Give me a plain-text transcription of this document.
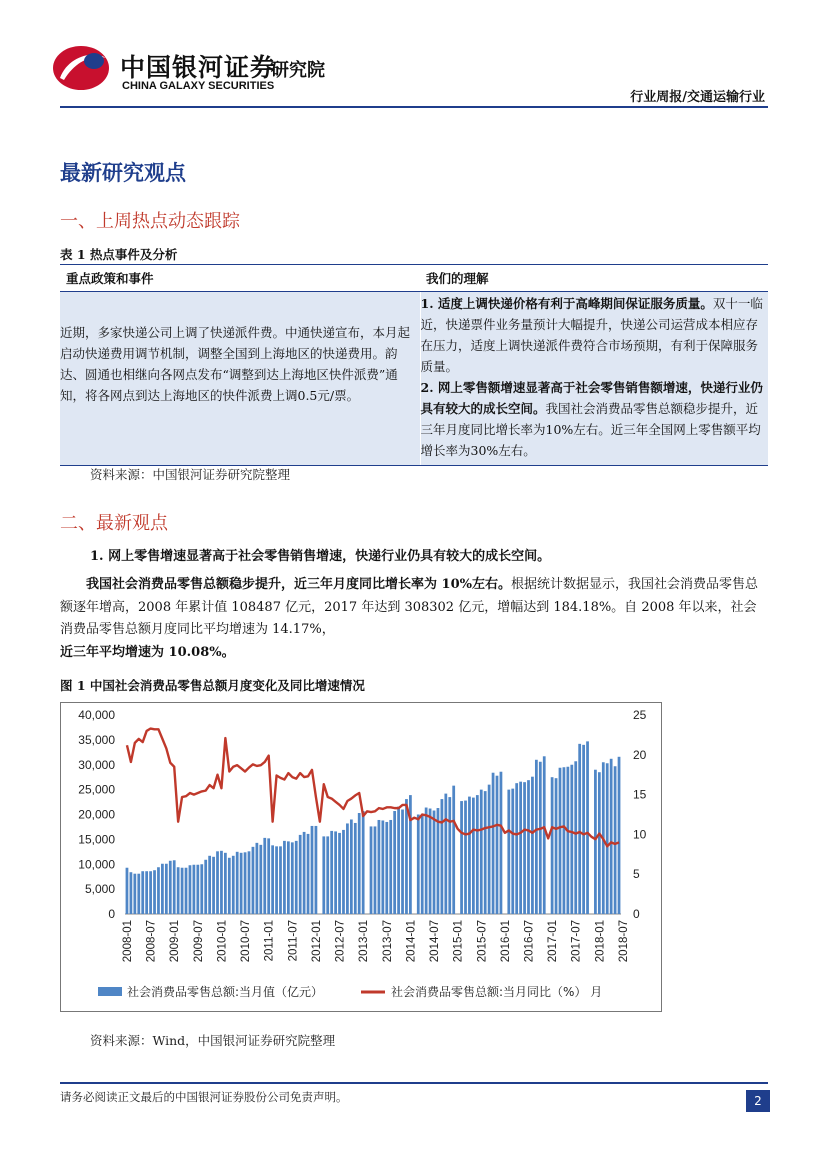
中国银河证券
CHINA GALAXY SECURITIES
研究院
行业周报/交通运输行业
最新研究观点
一、上周热点动态跟踪
表 1 热点事件及分析
重点政策和事件	我们的理解

近期，多家快递公司上调了快递派件费。中通快递宣布，本月起启动快递费用调节机制，调整全国到上海地区的快递费用。韵达、圆通也相继向各网点发布“调整到达上海地区快件派费”通知，将各网点到达上海地区的快件派费上调0.5元/票。	1. 适度上调快递价格有利于高峰期间保证服务质量。双十一临近，快递票件业务量预计大幅提升，快递公司运营成本相应存在压力，适度上调快递派件费符合市场预期，有利于保障服务质量。
2. 网上零售额增速显著高于社会零售销售额增速，快递行业仍具有较大的成长空间。我国社会消费品零售总额稳步提升，近三年月度同比增长率为10%左右。近三年全国网上零售额平均增长率为30%左右。
资料来源：中国银河证券研究院整理
二、最新观点
1. 网上零售增速显著高于社会零售销售增速，快递行业仍具有较大的成长空间。
我国社会消费品零售总额稳步提升，近三年月度同比增长率为 10%左右。根据统计数据显示，我国社会消费品零售总额逐年增高，2008 年累计值 108487 亿元，2017 年达到 308302 亿元，增幅达到 184.18%。自 2008 年以来，社会消费品零售总额月度同比平均增速为 14.17%，
近三年平均增速为 10.08%。
图 1 中国社会消费品零售总额月度变化及同比增速情况
0
5,000
10,000
15,000
20,000
25,000
30,000
35,000
40,000
0
5
10
15
20
25
2008-01 2008-07 2009-01 2009-07 2010-01 2010-07 2011-01 2011-07 2012-01 2012-07 2013-01 2013-07 2014-01 2014-07 2015-01 2015-07 2016-01 2016-07 2017-01 2017-07 2018-01 2018-07
社会消费品零售总额:当月值（亿元）	社会消费品零售总额:当月同比（%） 月
资料来源：Wind，中国银河证券研究院整理
请务必阅读正文最后的中国银河证券股份公司免责声明。	2
